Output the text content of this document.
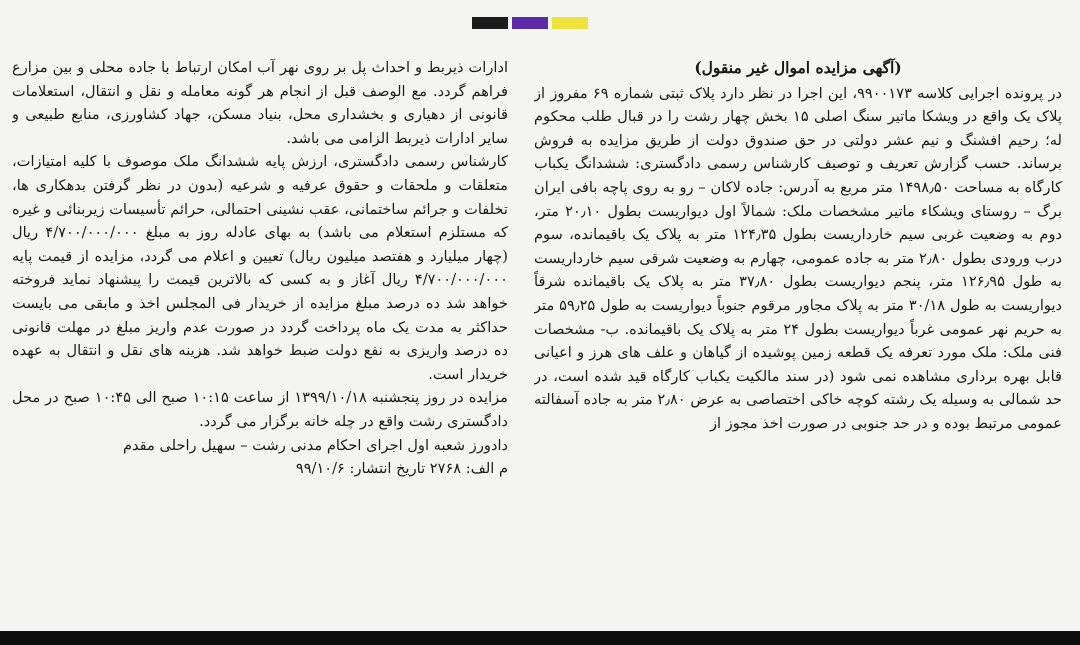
(آگهی مزایده اموال غیر منقول)

در پرونده اجرایی کلاسه ۹۹۰۰۱۷۳، این اجرا در نظر دارد پلاک ثبتی شماره ۶۹ مفروز از پلاک یک واقع در ویشکا ماتیر سنگ اصلی ۱۵ بخش چهار رشت را در قبال طلب محکوم له؛ رحیم افشنگ و نیم عشر دولتی در حق صندوق دولت از طریق مزایده به فروش برساند. حسب گزارش تعریف و توصیف کارشناس رسمی دادگستری: ششدانگ یکباب کارگاه به مساحت ۱۴۹۸٫۵۰ متر مربع به آدرس: جاده لاکان – رو به روی پاچه بافی ایران برگ – روستای ویشکاء ماتیر مشخصات ملک: شمالاً اول دیواریست بطول ۲۰٫۱۰ متر، دوم به وضعیت غربی سیم خارداریست بطول ۱۲۴٫۳۵ متر به پلاک یک باقیمانده، سوم درب ورودی بطول ۲٫۸۰ متر به جاده عمومی، چهارم به وضعیت شرقی سیم خارداریست به طول ۱۲۶٫۹۵ متر، پنجم دیواریست بطول ۳۷٫۸۰ متر به پلاک یک باقیمانده شرقاً دیواریست به طول ۳۰/۱۸ متر به پلاک مجاور مرقوم جنوباً دیواریست به طول ۵۹٫۲۵ متر به حریم نهر عمومی غرباً دیواریست بطول ۲۴ متر به پلاک یک باقیمانده. ب- مشخصات فنی ملک: ملک مورد تعرفه یک قطعه زمین پوشیده از گیاهان و علف های هرز و اعیانی قابل بهره برداری مشاهده نمی شود (در سند مالکیت یکباب کارگاه قید شده است، در حد شمالی به وسیله یک رشته کوچه خاکی اختصاصی به عرض ۲٫۸۰ متر به جاده آسفالته عمومی مرتبط بوده و در حد جنوبی در صورت اخذ مجوز از

ادارات ذیربط و احداث پل بر روی نهر آب امکان ارتباط با جاده محلی و بین مزارع فراهم گردد. مع الوصف قبل از انجام هر گونه معامله و نقل و انتقال، استعلامات قانونی از دهیاری و بخشداری محل، بنیاد مسکن، جهاد کشاورزی، منابع طبیعی و سایر ادارات ذیربط الزامی می باشد.

کارشناس رسمی دادگستری، ارزش پایه ششدانگ ملک موصوف با کلیه امتیازات، متعلقات و ملحقات و حقوق عرفیه و شرعیه (بدون در نظر گرفتن بدهکاری ها، تخلفات و جرائم ساختمانی، عقب نشینی احتمالی، حرائم تأسیسات زیربنائی و غیره که مستلزم استعلام می باشد) به بهای عادله روز به مبلغ ۴/۷۰۰/۰۰۰/۰۰۰ ریال (چهار میلیارد و هفتصد میلیون ریال) تعیین و اعلام می گردد، مزایده از قیمت پایه ۴/۷۰۰/۰۰۰/۰۰۰ ریال آغاز و به کسی که بالاترین قیمت را پیشنهاد نماید فروخته خواهد شد ده درصد مبلغ مزایده از خریدار فی المجلس اخذ و مابقی می بایست حداکثر به مدت یک ماه پرداخت گردد در صورت عدم واریز مبلغ در مهلت قانونی ده درصد واریزی به نفع دولت ضبط خواهد شد. هزینه های نقل و انتقال به عهده خریدار است.

مزایده در روز پنجشنبه ۱۳۹۹/۱۰/۱۸ از ساعت ۱۰:۱۵ صبح الی ۱۰:۴۵ صبح در محل دادگستری رشت واقع در چله خانه برگزار می گردد.

دادورز شعبه اول اجرای احکام مدنی رشت – سهیل راحلی مقدم

م الف: ۲۷۶۸ تاریخ انتشار: ۹۹/۱۰/۶
